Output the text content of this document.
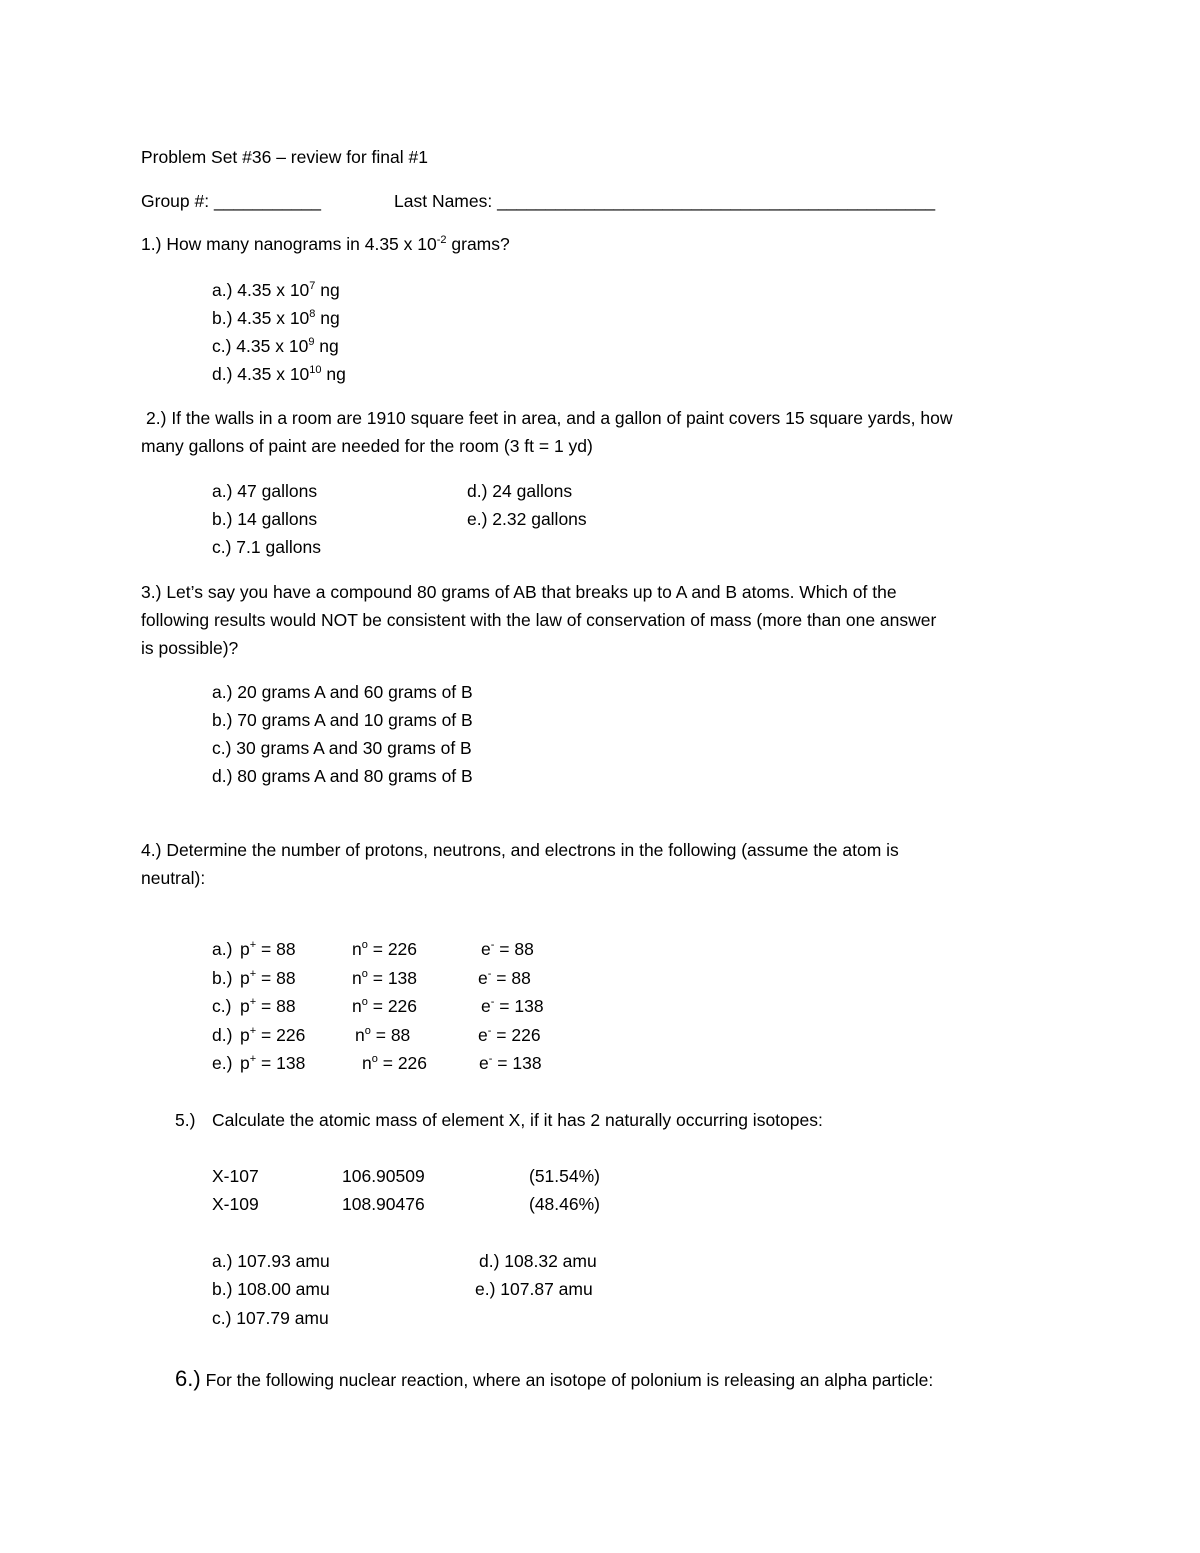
Problem Set #36 – review for final #1
Group #: ___________	Last Names: _____________________________________________
1.) How many nanograms in 4.35 x $10^{-2}$ grams?
a.) 4.35 x $10^7$ ng
b.) 4.35 x $10^8$ ng
c.) 4.35 x $10^9$ ng
d.) 4.35 x $10^{10}$ ng
2.) If the walls in a room are 1910 square feet in area, and a gallon of paint covers 15 square yards, how
many gallons of paint are needed for the room (3 ft = 1 yd)
a.) 47 gallons
b.) 14 gallons
c.) 7.1 gallons
d.) 24 gallons
e.) 2.32 gallons
3.) Let’s say you have a compound 80 grams of AB that breaks up to A and B atoms. Which of the
following results would NOT be consistent with the law of conservation of mass (more than one answer
is possible)?
a.) 20 grams A and 60 grams of B
b.) 70 grams A and 10 grams of B
c.) 30 grams A and 30 grams of B
d.) 80 grams A and 80 grams of B
4.) Determine the number of protons, neutrons, and electrons in the following (assume the atom is
neutral):
a.) p+ = 88	$n^o = 226$	e- = 88
b.) p+ = 88	$n^o = 138$	e- = 88
c.) p+ = 88	$n^o = 226$	e- = 138
d.) p+ = 226	$n^o = 88$	e- = 226
e.) p+ = 138	$n^o = 226$	e- = 138
5.) Calculate the atomic mass of element X, if it has 2 naturally occurring isotopes:
X-107	106.90509	(51.54%)
X-109	108.90476	(48.46%)
a.) 107.93 amu
b.) 108.00 amu
c.) 107.79 amu
d.) 108.32 amu
e.) 107.87 amu
6.) For the following nuclear reaction, where an isotope of polonium is releasing an alpha particle:
